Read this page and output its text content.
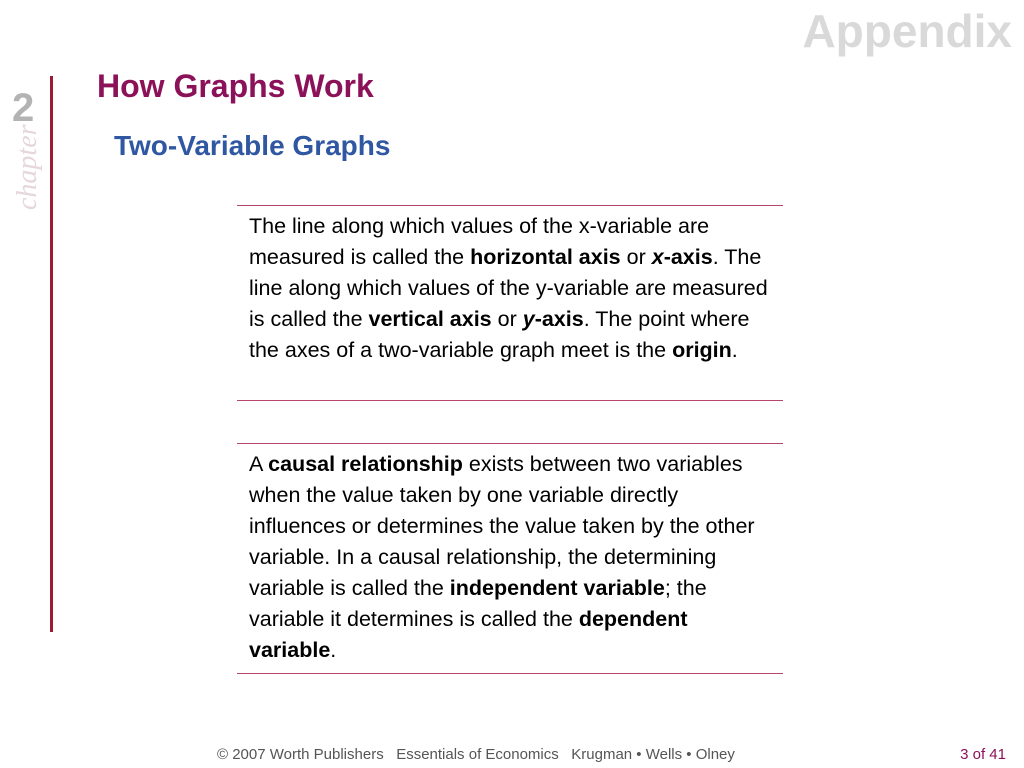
Appendix
2
chapter
How Graphs Work
Two-Variable Graphs

The line along which values of the x-variable are measured is called the horizontal axis or x-axis. The line along which values of the y-variable are measured is called the vertical axis or y-axis. The point where the axes of a two-variable graph meet is the origin.

A causal relationship exists between two variables when the value taken by one variable directly influences or determines the value taken by the other variable. In a causal relationship, the determining variable is called the independent variable; the variable it determines is called the dependent variable.

© 2007 Worth Publishers   Essentials of Economics   Krugman • Wells • Olney	3 of 41
